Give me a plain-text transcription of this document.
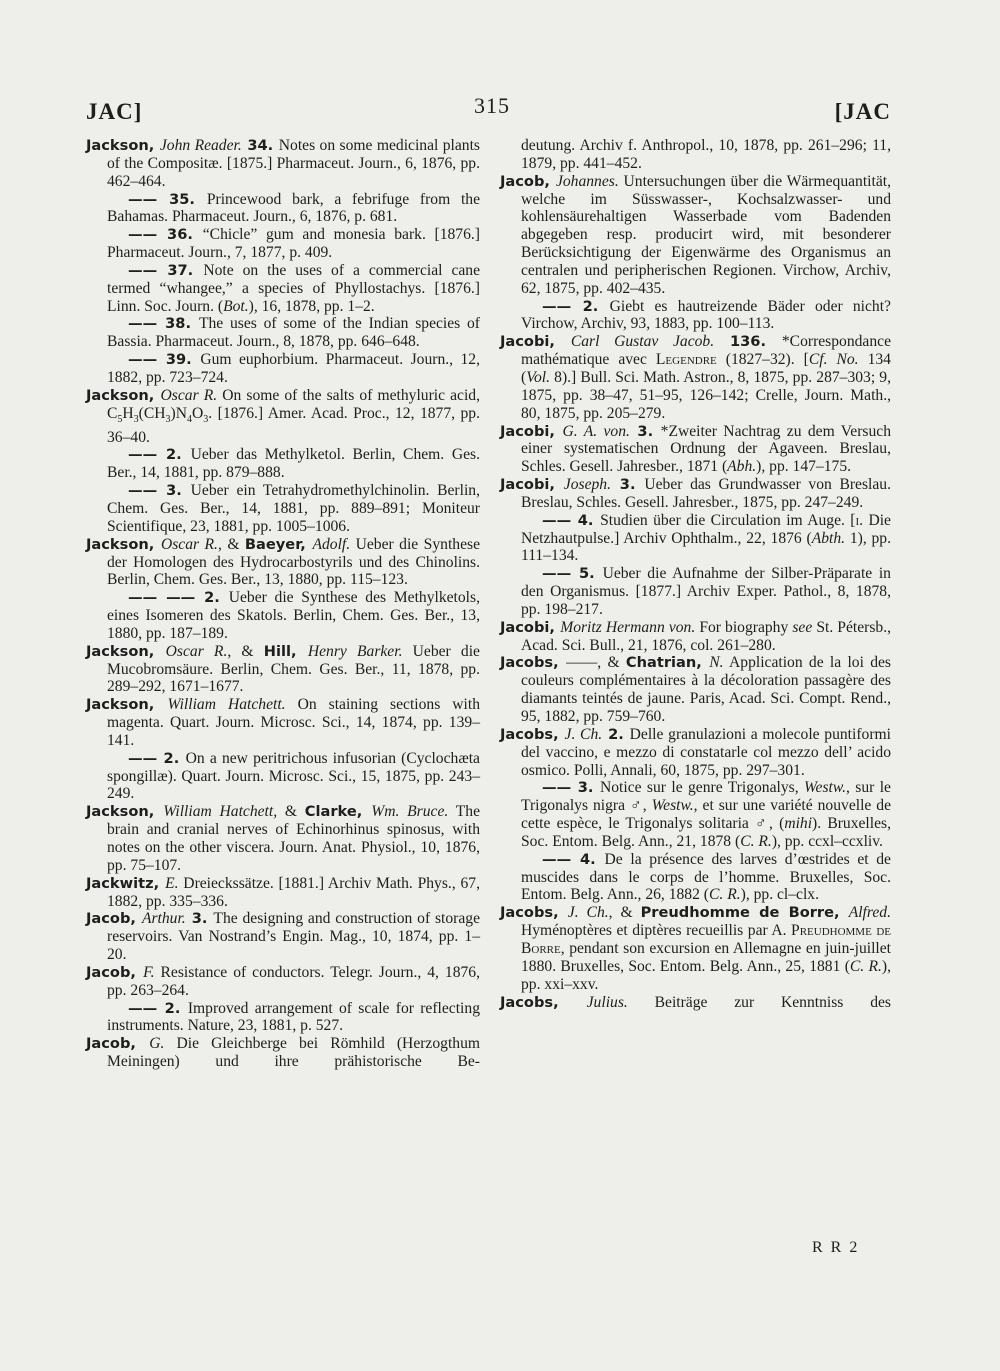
JAC]	315	[JAC

Jackson, John Reader. 34. Notes on some medicinal plants of the Compositæ. [1875.] Pharmaceut. Journ., 6, 1876, pp. 462–464.

—— 35. Princewood bark, a febrifuge from the Bahamas. Pharmaceut. Journ., 6, 1876, p. 681.

—— 36. “Chicle” gum and monesia bark. [1876.] Pharmaceut. Journ., 7, 1877, p. 409.

—— 37. Note on the uses of a commercial cane termed “whangee,” a species of Phyllostachys. [1876.] Linn. Soc. Journ. (Bot.), 16, 1878, pp. 1–2.

—— 38. The uses of some of the Indian species of Bassia. Pharmaceut. Journ., 8, 1878, pp. 646–648.

—— 39. Gum euphorbium. Pharmaceut. Journ., 12, 1882, pp. 723–724.

Jackson, Oscar R. On some of the salts of methyluric acid, $C_5H_3(CH_3)N_4O_3$. [1876.] Amer. Acad. Proc., 12, 1877, pp. 36–40.

—— 2. Ueber das Methylketol. Berlin, Chem. Ges. Ber., 14, 1881, pp. 879–888.

—— 3. Ueber ein Tetrahydromethylchinolin. Berlin, Chem. Ges. Ber., 14, 1881, pp. 889–891; Moniteur Scientifique, 23, 1881, pp. 1005–1006.

Jackson, Oscar R., & Baeyer, Adolf. Ueber die Synthese der Homologen des Hydrocarbostyrils und des Chinolins. Berlin, Chem. Ges. Ber., 13, 1880, pp. 115–123.

—— —— 2. Ueber die Synthese des Methylketols, eines Isomeren des Skatols. Berlin, Chem. Ges. Ber., 13, 1880, pp. 187–189.

Jackson, Oscar R., & Hill, Henry Barker. Ueber die Mucobromsäure. Berlin, Chem. Ges. Ber., 11, 1878, pp. 289–292, 1671–1677.

Jackson, William Hatchett. On staining sections with magenta. Quart. Journ. Microsc. Sci., 14, 1874, pp. 139–141.

—— 2. On a new peritrichous infusorian (Cyclochæta spongillæ). Quart. Journ. Microsc. Sci., 15, 1875, pp. 243–249.

Jackson, William Hatchett, & Clarke, Wm. Bruce. The brain and cranial nerves of Echinorhinus spinosus, with notes on the other viscera. Journ. Anat. Physiol., 10, 1876, pp. 75–107.

Jackwitz, E. Dreieckssätze. [1881.] Archiv Math. Phys., 67, 1882, pp. 335–336.

Jacob, Arthur. 3. The designing and construction of storage reservoirs. Van Nostrand’s Engin. Mag., 10, 1874, pp. 1–20.

Jacob, F. Resistance of conductors. Telegr. Journ., 4, 1876, pp. 263–264.

—— 2. Improved arrangement of scale for reflecting instruments. Nature, 23, 1881, p. 527.

Jacob, G. Die Gleichberge bei Römhild (Herzogthum Meiningen) und ihre prähistorische Be-

deutung. Archiv f. Anthropol., 10, 1878, pp. 261–296; 11, 1879, pp. 441–452.

Jacob, Johannes. Untersuchungen über die Wärmequantität, welche im Süsswasser-, Kochsalzwasser- und kohlensäurehaltigen Wasserbade vom Badenden abgegeben resp. producirt wird, mit besonderer Berücksichtigung der Eigenwärme des Organismus an centralen und peripherischen Regionen. Virchow, Archiv, 62, 1875, pp. 402–435.

—— 2. Giebt es hautreizende Bäder oder nicht? Virchow, Archiv, 93, 1883, pp. 100–113.

Jacobi, Carl Gustav Jacob. 136. *Correspondance mathématique avec Legendre (1827–32). [Cf. No. 134 (Vol. 8).] Bull. Sci. Math. Astron., 8, 1875, pp. 287–303; 9, 1875, pp. 38–47, 51–95, 126–142; Crelle, Journ. Math., 80, 1875, pp. 205–279.

Jacobi, G. A. von. 3. *Zweiter Nachtrag zu dem Versuch einer systematischen Ordnung der Agaveen. Breslau, Schles. Gesell. Jahresber., 1871 (Abh.), pp. 147–175.

Jacobi, Joseph. 3. Ueber das Grundwasser von Breslau. Breslau, Schles. Gesell. Jahresber., 1875, pp. 247–249.

—— 4. Studien über die Circulation im Auge. [i. Die Netzhautpulse.] Archiv Ophthalm., 22, 1876 (Abth. 1), pp. 111–134.

—— 5. Ueber die Aufnahme der Silber-Präparate in den Organismus. [1877.] Archiv Exper. Pathol., 8, 1878, pp. 198–217.

Jacobi, Moritz Hermann von. For biography see St. Pétersb., Acad. Sci. Bull., 21, 1876, col. 261–280.

Jacobs, ——, & Chatrian, N. Application de la loi des couleurs complémentaires à la décoloration passagère des diamants teintés de jaune. Paris, Acad. Sci. Compt. Rend., 95, 1882, pp. 759–760.

Jacobs, J. Ch. 2. Delle granulazioni a molecole puntiformi del vaccino, e mezzo di constatarle col mezzo dell’ acido osmico. Polli, Annali, 60, 1875, pp. 297–301.

—— 3. Notice sur le genre Trigonalys, Westw., sur le Trigonalys nigra ♂, Westw., et sur une variété nouvelle de cette espèce, le Trigonalys solitaria ♂, (mihi). Bruxelles, Soc. Entom. Belg. Ann., 21, 1878 (C. R.), pp. ccxl–ccxliv.

—— 4. De la présence des larves d’œstrides et de muscides dans le corps de l’homme. Bruxelles, Soc. Entom. Belg. Ann., 26, 1882 (C. R.), pp. cl–clx.

Jacobs, J. Ch., & Preudhomme de Borre, Alfred. Hyménoptères et diptères recueillis par A. Preudhomme de Borre, pendant son excursion en Allemagne en juin-juillet 1880. Bruxelles, Soc. Entom. Belg. Ann., 25, 1881 (C. R.), pp. xxi–xxv.

Jacobs, Julius. Beiträge zur Kenntniss des

R R 2
